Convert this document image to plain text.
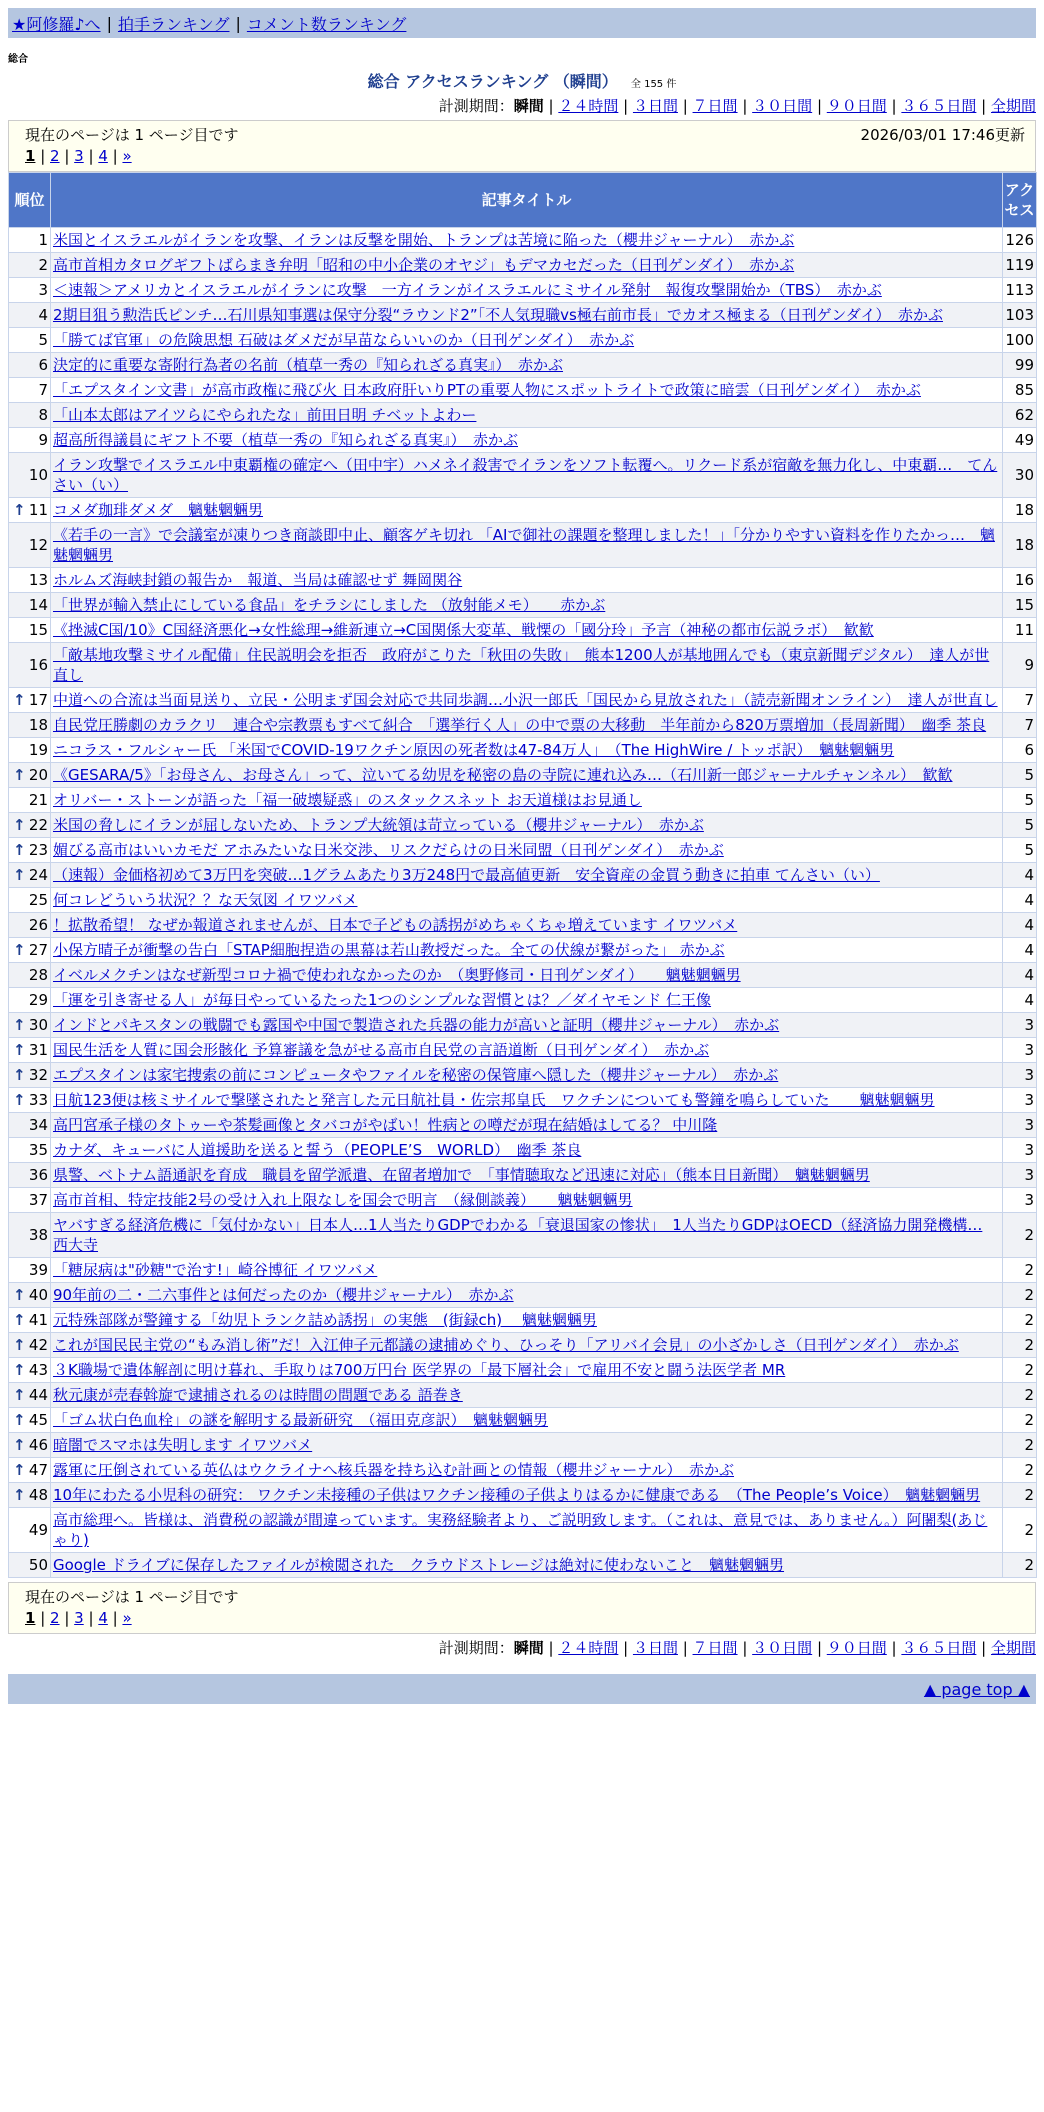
★阿修羅♪へ | 拍手ランキング | コメント数ランキング
総合
総合 アクセスランキング （瞬間） 全 155 件
計測期間：瞬間 | ２４時間 | ３日間 | ７日間 | ３０日間 | ９０日間 | ３６５日間 | 全期間
現在のページは 1 ページ目です	2026/03/01 17:46更新
1 | 2 | 3 | 4 | »
順位	記事タイトル	アクセス
1	米国とイスラエルがイランを攻撃、イランは反撃を開始、トランプは苦境に陥った（櫻井ジャーナル）　赤かぶ	126
2	高市首相カタログギフトばらまき弁明「昭和の中小企業のオヤジ」もデマカセだった（日刊ゲンダイ）　赤かぶ	119
3	＜速報＞アメリカとイスラエルがイランに攻撃　一方イランがイスラエルにミサイル発射　報復攻撃開始か（TBS）　赤かぶ	113
4	2期目狙う勲浩氏ピンチ…石川県知事選は保守分裂“ラウンド2”「不人気現職vs極右前市長」でカオス極まる（日刊ゲンダイ）　赤かぶ	103
5	「勝てば官軍」の危険思想 石破はダメだが早苗ならいいのか（日刊ゲンダイ）　赤かぶ	100
6	決定的に重要な寄附行為者の名前（植草一秀の『知られざる真実』）　赤かぶ	99
7	「エプスタイン文書」が高市政権に飛び火 日本政府肝いりPTの重要人物にスポットライトで政策に暗雲（日刊ゲンダイ）　赤かぶ	85
8	「山本太郎はアイツらにやられたな」前田日明 チベットよわー	62
9	超高所得議員にギフト不要（植草一秀の『知られざる真実』）　赤かぶ	49
10	イラン攻撃でイスラエル中東覇権の確定へ（田中宇）ハメネイ殺害でイランをソフト転覆へ。リクード系が宿敵を無力化し、中東覇…　てんさい（い）	30

↑ 11	コメダ珈琲ダメダ　魑魅魍魎男	18
12	《若手の一言》で会議室が凍りつき商談即中止、顧客ゲキ切れ 「AIで御社の課題を整理しました！」「分かりやすい資料を作りたかっ…　魑魅魍魎男	18
13	ホルムズ海峡封鎖の報告か　報道、当局は確認せず 舞岡関谷	16
14	「世界が輸入禁止にしている食品」をチラシにしました （放射能メモ）　　赤かぶ	15
15	《挫滅C国/10》C国経済悪化→女性総理→維新連立→C国関係大変革、戦慄の「國分玲」予言（神秘の都市伝説ラボ）　歓歓	11
16	「敵基地攻撃ミサイル配備」住民説明会を拒否　政府がこりた「秋田の失敗」　熊本1200人が基地囲んでも（東京新聞デジタル）　達人が世直し	9

↑ 17	中道への合流は当面見送り、立民・公明まず国会対応で共同歩調…小沢一郎氏「国民から見放された」（読売新聞オンライン）　達人が世直し	7
18	自民党圧勝劇のカラクリ　連合や宗教票もすべて糾合　「選挙行く人」の中で票の大移動　半年前から820万票増加（長周新聞）　幽季 茶良	7
19	ニコラス・フルシャー氏 「米国でCOVID-19ワクチン原因の死者数は47-84万人」　（The HighWire / トッポ訳）　魑魅魍魎男	6

↑ 20	《GESARA/5》「お母さん、お母さん」って、泣いてる幼児を秘密の島の寺院に連れ込み…（石川新一郎ジャーナルチャンネル）　歓歓	5
21	オリバー・ストーンが語った「福一破壊疑惑」のスタックスネット お天道様はお見通し	5

↑ 22	米国の脅しにイランが屈しないため、トランプ大統領は苛立っている（櫻井ジャーナル）　赤かぶ	5

↑ 23	媚びる高市はいいカモだ アホみたいな日米交渉、リスクだらけの日米同盟（日刊ゲンダイ）　赤かぶ	5

↑ 24	（速報）金価格初めて3万円を突破…1グラムあたり3万248円で最高値更新　安全資産の金買う動きに拍車 てんさい（い）	4
25	何コレどういう状況？？な天気図 イワツバメ	4
26	！拡散希望！ なぜか報道されませんが、日本で子どもの誘拐がめちゃくちゃ増えています イワツバメ	4

↑ 27	小保方晴子が衝撃の告白「STAP細胞捏造の黒幕は若山教授だった。全ての伏線が繋がった」 赤かぶ	4
28	イベルメクチンはなぜ新型コロナ禍で使われなかったのか　（奥野修司・日刊ゲンダイ）　　魑魅魍魎男	4
29	「運を引き寄せる人」が毎日やっているたった1つのシンプルな習慣とは？／ダイヤモンド 仁王像	4

↑ 30	インドとパキスタンの戦闘でも露国や中国で製造された兵器の能力が高いと証明（櫻井ジャーナル）　赤かぶ	3

↑ 31	国民生活を人質に国会形骸化 予算審議を急がせる高市自民党の言語道断（日刊ゲンダイ）　赤かぶ	3

↑ 32	エプスタインは家宅捜索の前にコンピュータやファイルを秘密の保管庫へ隠した（櫻井ジャーナル）　赤かぶ	3

↑ 33	日航123便は核ミサイルで撃墜されたと発言した元日航社員・佐宗邦皇氏　ワクチンについても警鐘を鳴らしていた　　魑魅魍魎男	3
34	高円宮承子様のタトゥーや茶髪画像とタバコがやばい！性病との噂だが現在結婚はしてる？ 中川隆	3
35	カナダ、キューバに人道援助を送ると誓う（PEOPLE’S　WORLD）　幽季 茶良	3
36	県警、ベトナム語通訳を育成　職員を留学派遣、在留者増加で　「事情聴取など迅速に対応」（熊本日日新聞）　魑魅魍魎男	3
37	高市首相、特定技能2号の受け入れ上限なしを国会で明言　（縁側談義）　　魑魅魍魎男	3
38	ヤバすぎる経済危機に「気付かない」日本人…1人当たりGDPでわかる「衰退国家の惨状」　1人当たりGDPはOECD（経済協力開発機構… 西大寺	2
39	「糖尿病は"砂糖"で治す!」崎谷博征 イワツバメ	2

↑ 40	90年前の二・二六事件とは何だったのか（櫻井ジャーナル）　赤かぶ	2

↑ 41	元特殊部隊が警鐘する「幼児トランク詰め誘拐」の実態　(街録ch)　 魑魅魍魎男	2

↑ 42	これが国民民主党の“もみ消し術”だ！入江伸子元都議の逮捕めぐり、ひっそり「アリバイ会見」の小ざかしさ（日刊ゲンダイ）　赤かぶ	2

↑ 43	３K職場で遺体解剖に明け暮れ、手取りは700万円台 医学界の「最下層社会」で雇用不安と闘う法医学者 MR	2

↑ 44	秋元康が売春斡旋で逮捕されるのは時間の問題である 語巻き	2

↑ 45	「ゴム状白色血栓」の謎を解明する最新研究　（福田克彦訳）　魑魅魍魎男	2

↑ 46	暗闇でスマホは失明します イワツバメ	2

↑ 47	露軍に圧倒されている英仏はウクライナへ核兵器を持ち込む計画との情報（櫻井ジャーナル）　赤かぶ	2

↑ 48	10年にわたる小児科の研究： ワクチン未接種の子供はワクチン接種の子供よりはるかに健康である　（The People’s Voice）　魑魅魍魎男	2
49	高市総理へ。皆様は、消費税の認識が間違っています。実務経験者より、ご説明致します。（これは、意見では、ありません。）阿闍梨(あじゃり)	2
50	Google ドライブに保存したファイルが検閲された　クラウドストレージは絶対に使わないこと　魑魅魍魎男	2
現在のページは 1 ページ目です
1 | 2 | 3 | 4 | »
計測期間：瞬間 | ２４時間 | ３日間 | ７日間 | ３０日間 | ９０日間 | ３６５日間 | 全期間
▲ page top ▲
